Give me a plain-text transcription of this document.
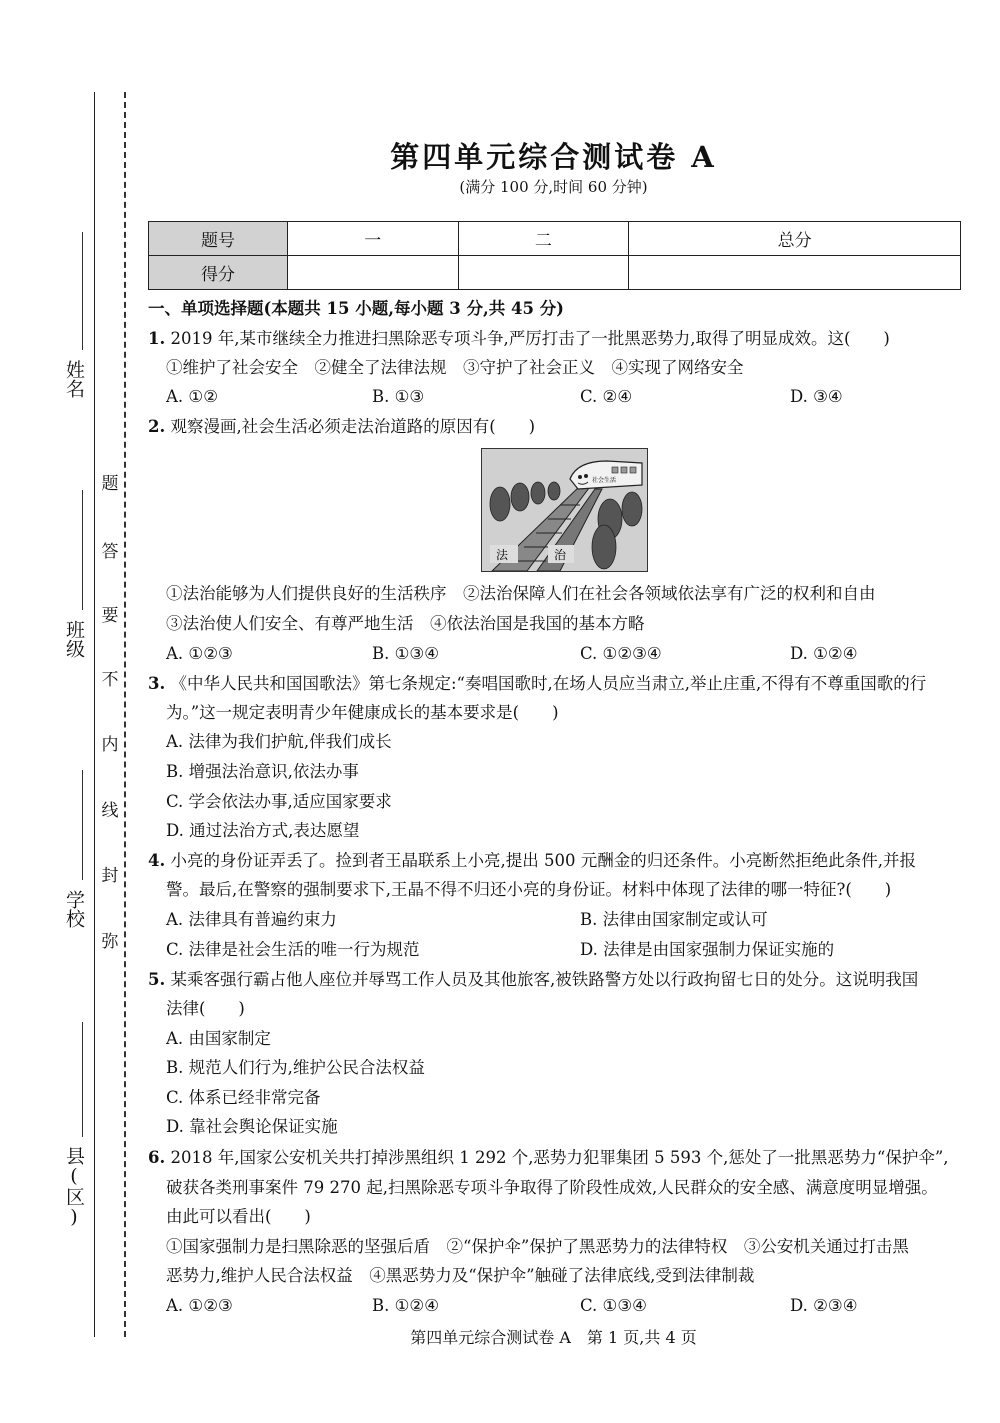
姓名
班级
学校
县(区)
题
答
要
不
内
线
封
弥
第四单元综合测试卷 A
(满分 100 分,时间 60 分钟)
题号	一	二	总分
得分			
一、单项选择题(本题共 15 小题,每小题 3 分,共 45 分)
1. 2019 年,某市继续全力推进扫黑除恶专项斗争,严厉打击了一批黑恶势力,取得了明显成效。这(　　)
①维护了社会安全　②健全了法律法规　③守护了社会正义　④实现了网络安全
A. ①②	B. ①③	C. ②④	D. ③④
2. 观察漫画,社会生活必须走法治道路的原因有(　　)
社会生活
法	治
①法治能够为人们提供良好的生活秩序　②法治保障人们在社会各领域依法享有广泛的权利和自由
③法治使人们安全、有尊严地生活　④依法治国是我国的基本方略
A. ①②③	B. ①③④	C. ①②③④	D. ①②④
3. 《中华人民共和国国歌法》第七条规定:“奏唱国歌时,在场人员应当肃立,举止庄重,不得有不尊重国歌的行
为。”这一规定表明青少年健康成长的基本要求是(　　)
A. 法律为我们护航,伴我们成长
B. 增强法治意识,依法办事
C. 学会依法办事,适应国家要求
D. 通过法治方式,表达愿望
4. 小亮的身份证弄丢了。捡到者王晶联系上小亮,提出 500 元酬金的归还条件。小亮断然拒绝此条件,并报
警。最后,在警察的强制要求下,王晶不得不归还小亮的身份证。材料中体现了法律的哪一特征?(　　)
A. 法律具有普遍约束力	B. 法律由国家制定或认可
C. 法律是社会生活的唯一行为规范	D. 法律是由国家强制力保证实施的
5. 某乘客强行霸占他人座位并辱骂工作人员及其他旅客,被铁路警方处以行政拘留七日的处分。这说明我国
法律(　　)
A. 由国家制定
B. 规范人们行为,维护公民合法权益
C. 体系已经非常完备
D. 靠社会舆论保证实施
6. 2018 年,国家公安机关共打掉涉黑组织 1 292 个,恶势力犯罪集团 5 593 个,惩处了一批黑恶势力“保护伞”,
破获各类刑事案件 79 270 起,扫黑除恶专项斗争取得了阶段性成效,人民群众的安全感、满意度明显增强。
由此可以看出(　　)
①国家强制力是扫黑除恶的坚强后盾　②“保护伞”保护了黑恶势力的法律特权　③公安机关通过打击黑
恶势力,维护人民合法权益　④黑恶势力及“保护伞”触碰了法律底线,受到法律制裁
A. ①②③	B. ①②④	C. ①③④	D. ②③④
第四单元综合测试卷 A　第 1 页,共 4 页
